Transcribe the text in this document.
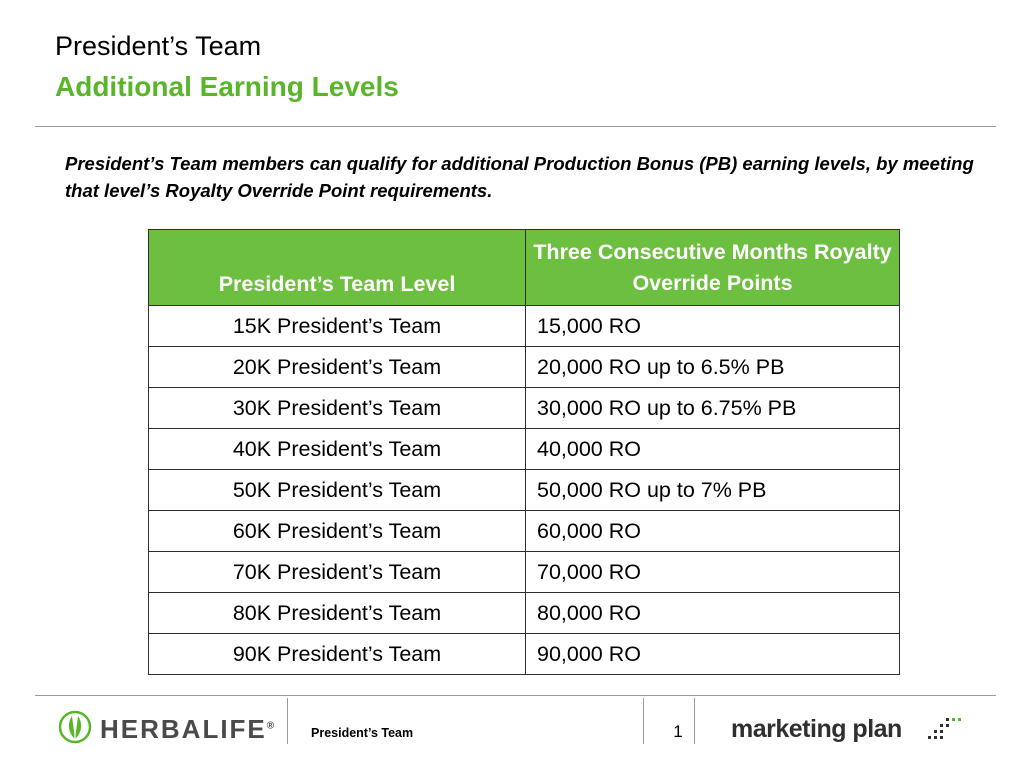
President’s Team
Additional Earning Levels
President’s Team members can qualify for additional Production Bonus (PB) earning levels, by meeting that level’s Royalty Override Point requirements.
President’s Team Level	Three Consecutive Months Royalty Override Points
15K President’s Team	15,000 RO
20K President’s Team	20,000 RO up to 6.5% PB
30K President’s Team	30,000 RO up to 6.75% PB
40K President’s Team	40,000 RO
50K President’s Team	50,000 RO up to 7% PB
60K President’s Team	60,000 RO
70K President’s Team	70,000 RO
80K President’s Team	80,000 RO
90K President’s Team	90,000 RO
HERBALIFE®
President’s Team	1 marketing plan
